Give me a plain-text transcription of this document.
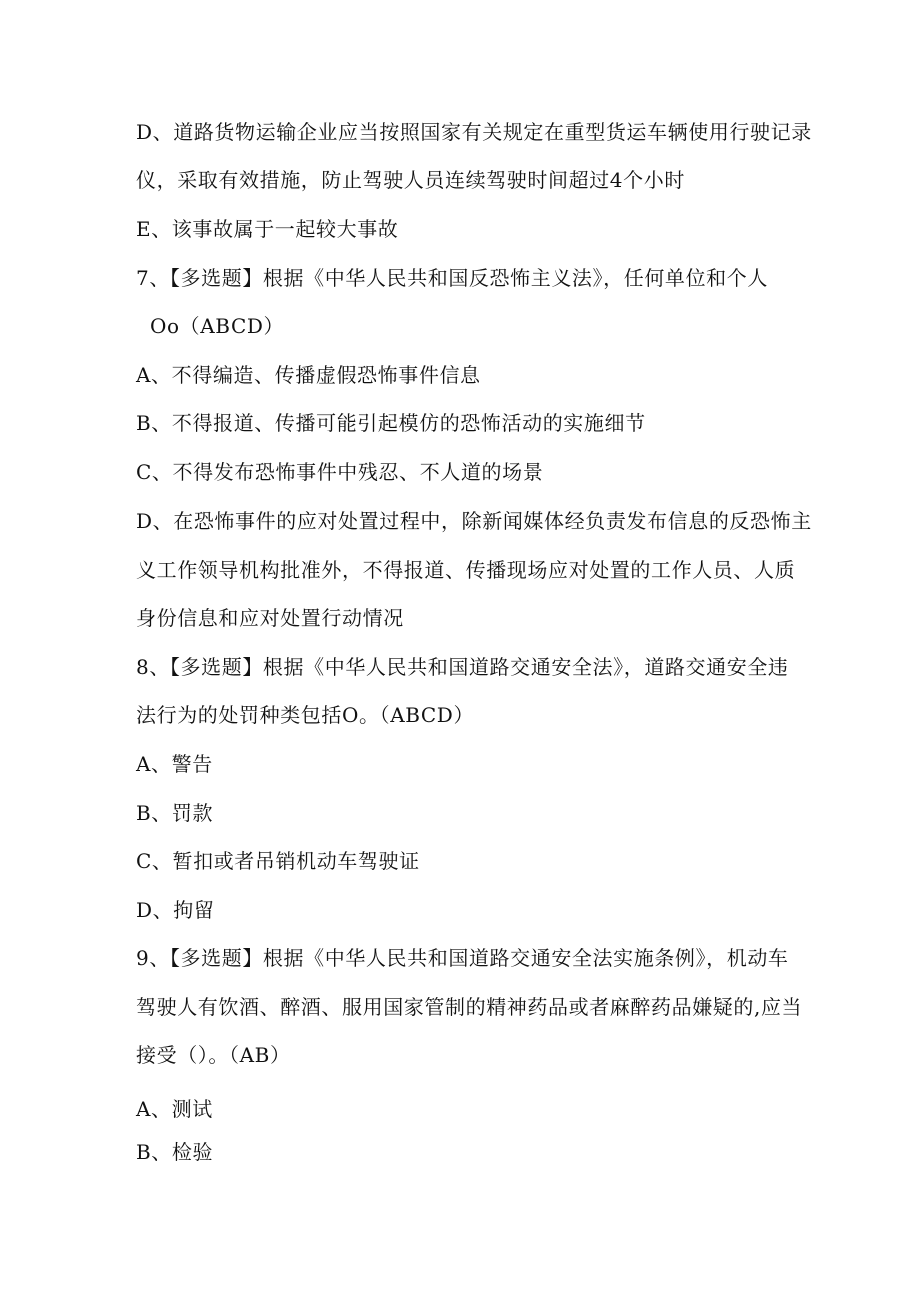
D、道路货物运输企业应当按照国家有关规定在重型货运车辆使用行驶记录
仪，采取有效措施，防止驾驶人员连续驾驶时间超过4个小时
E、该事故属于一起较大事故
7、【多选题】根据《中华人民共和国反恐怖主义法》，任何单位和个人
Oo（ABCD）
A、不得编造、传播虚假恐怖事件信息
B、不得报道、传播可能引起模仿的恐怖活动的实施细节
C、不得发布恐怖事件中残忍、不人道的场景
D、在恐怖事件的应对处置过程中，除新闻媒体经负责发布信息的反恐怖主
义工作领导机构批准外，不得报道、传播现场应对处置的工作人员、人质
身份信息和应对处置行动情况
8、【多选题】根据《中华人民共和国道路交通安全法》，道路交通安全违
法行为的处罚种类包括O。（ABCD）
A、警告
B、罚款
C、暂扣或者吊销机动车驾驶证
D、拘留
9、【多选题】根据《中华人民共和国道路交通安全法实施条例》，机动车
驾驶人有饮酒、醉酒、服用国家管制的精神药品或者麻醉药品嫌疑的,应当
接受（）。（AB）
A、测试
B、检验
